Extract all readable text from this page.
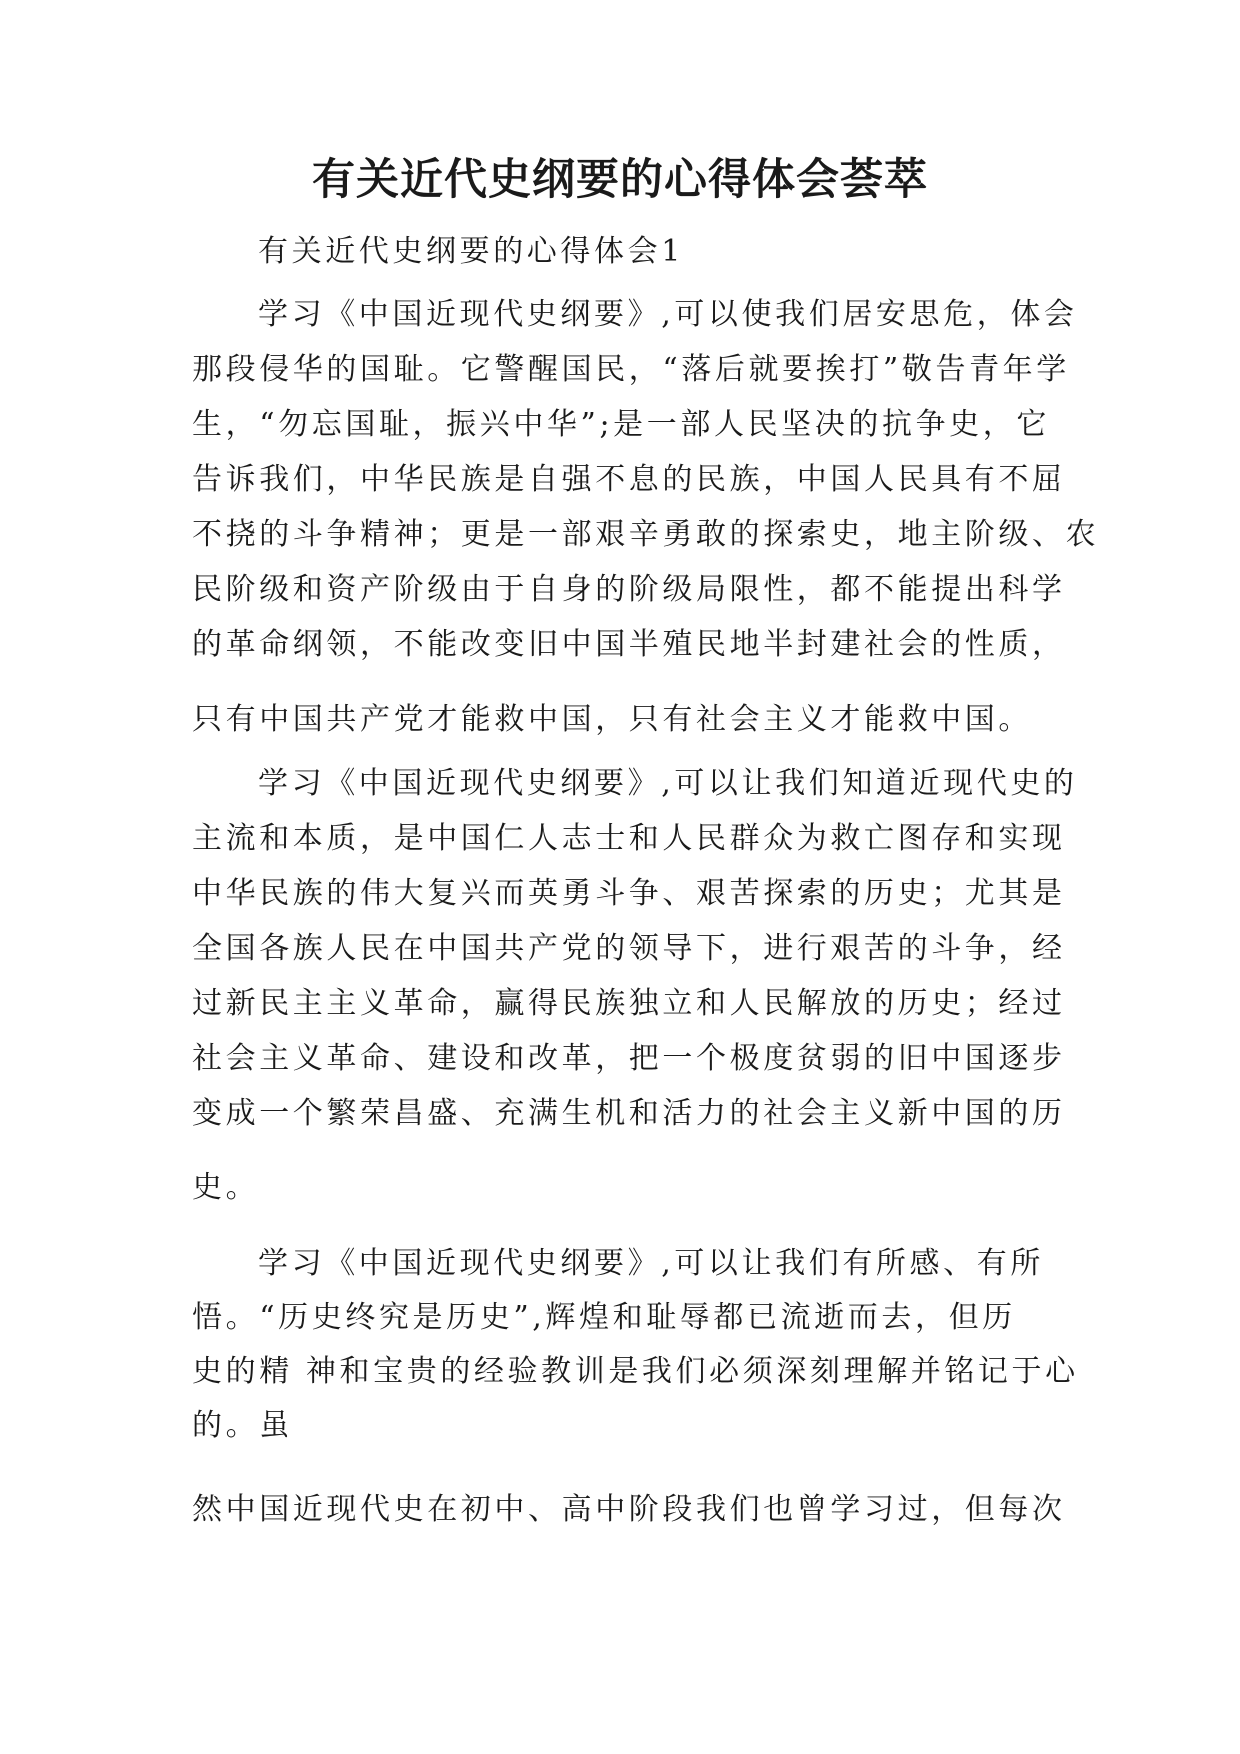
有关近代史纲要的心得体会荟萃
有关近代史纲要的心得体会1
学习《中国近现代史纲要》,可以使我们居安思危，体会
那段侵华的国耻。它警醒国民，“落后就要挨打”敬告青年学
生，“勿忘国耻，振兴中华”;是一部人民坚决的抗争史，它
告诉我们，中华民族是自强不息的民族，中国人民具有不屈
不挠的斗争精神；更是一部艰辛勇敢的探索史，地主阶级、农
民阶级和资产阶级由于自身的阶级局限性，都不能提出科学
的革命纲领，不能改变旧中国半殖民地半封建社会的性质，
只有中国共产党才能救中国，只有社会主义才能救中国。
学习《中国近现代史纲要》,可以让我们知道近现代史的
主流和本质，是中国仁人志士和人民群众为救亡图存和实现
中华民族的伟大复兴而英勇斗争、艰苦探索的历史；尤其是
全国各族人民在中国共产党的领导下，进行艰苦的斗争，经
过新民主主义革命，赢得民族独立和人民解放的历史；经过
社会主义革命、建设和改革，把一个极度贫弱的旧中国逐步
变成一个繁荣昌盛、充满生机和活力的社会主义新中国的历
史。
学习《中国近现代史纲要》,可以让我们有所感、有所
悟。“历史终究是历史”,辉煌和耻辱都已流逝而去，但历
史的精 神和宝贵的经验教训是我们必须深刻理解并铭记于心
的。虽
然中国近现代史在初中、高中阶段我们也曾学习过，但每次
